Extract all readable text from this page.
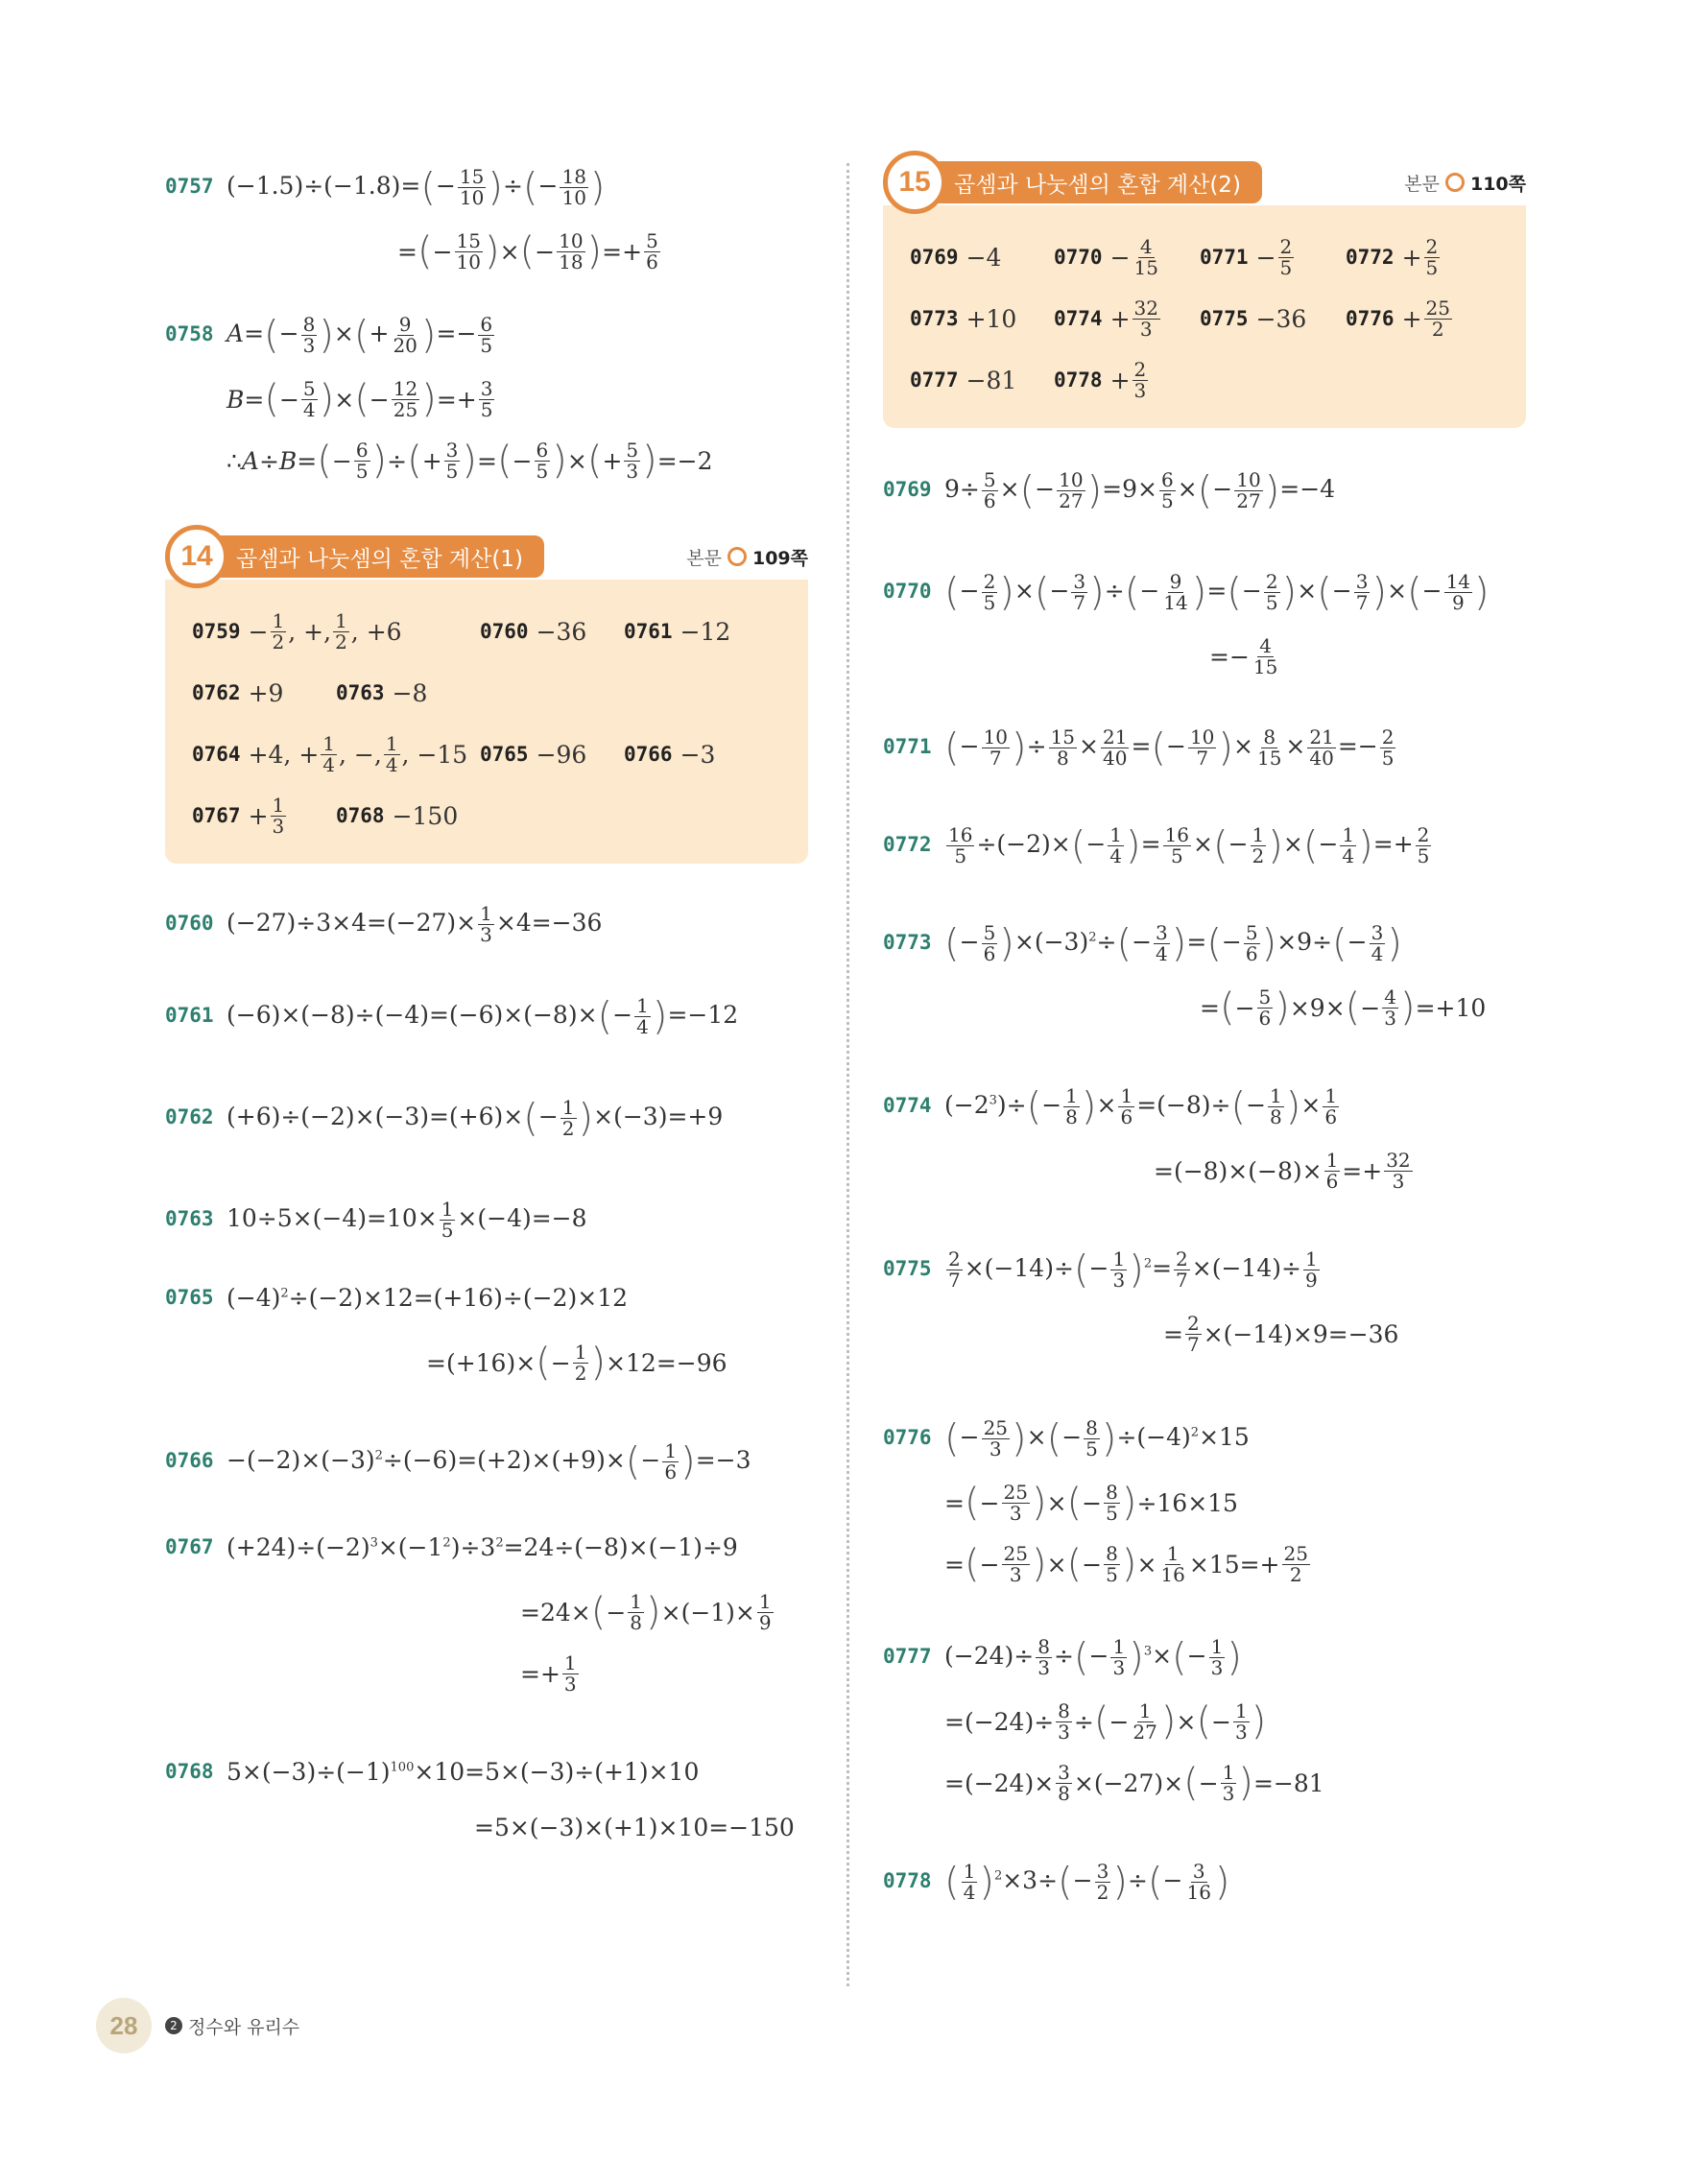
0757 $(-1.5)\div(-1.8)=(- \frac{15}{10}$ )÷(− $\frac{18}{10}$ )
= ( − $\frac{15}{10}$ ) × ( − $\frac{10}{18}$ ) =+ $\frac{5}{6}$
0758 $A=(- \frac{8}{3}$ )×(+ $\frac{9}{20}$ )=− $\frac{6}{5}$
B = ( − $\frac{5}{4}$ ) × ( − $\frac{12}{25}$ ) =+ $\frac{3}{5}$
∴ A ÷ B = ( − $\frac{6}{5}$ ) ÷ ( + $\frac{3}{5}$ ) = ( − $\frac{6}{5}$ ) × ( + $\frac{5}{3}$ ) =−2
14	곱셈과 나눗셈의 혼합 계산(1)	본문 109쪽
$0759 - \frac{1}{2}$ , +, $\frac{1}{2}$ , +6	0760 −36 0761 −12
0762 +9	0763 −8
0764 +4, + $\frac{1}{4}$ , −, $\frac{1}{4}$ , −15 0765 −96 0766 −3
$0767 + \frac{1}{3} 0768 -150$
0760 $(-27)\div 3\times 4=(-27)\times \frac{1}{3} \times 4=-36$
0761 $(-6)\times(-8)\div(-4)=(-6)\times(-8)\times(- \frac{1}{4} )=-12$
0762 $(+6)\div(-2)\times(-3)=(+6)\times(- \frac{1}{2} )\times(-3)=+9$
0763 $10\div 5\times(-4)=10\times \frac{1}{5} \times(-4)=-8$
0765 $(-4)^2\div(-2)\times 12=(+16)\div(-2)\times 12$
=(+16)× ( − $\frac{1}{2}$ ) ×12=−96
$0766 -(-2)\times(-3)^2\div(-6)=(+2)\times(+9)\times(- \frac{1}{6} )=-3$
0767 $(+24)\div(-2)^3\times(-1^2)\div 3^2=24\div(-8)\times(-1)\div 9$
=24× ( − $\frac{1}{8}$ ) $\times(-1)\times \frac{1}{9}$
=+ $\frac{1}{3}$
0768 $5\times(-3)\div(-1)^{100}\times 10=5\times(-3)\div(+1)\times 10$
=5×(−3)×(+1)×10=−150
15	곱셈과 나눗셈의 혼합 계산(2)	본문 110쪽
0769 −4	$0770 - \frac{4}{15} 0771 - \frac{2}{5}$	$0772 + \frac{2}{5}$
0773 +10 $0774 + \frac{32}{3} 0775 -36$ $0776 + \frac{25}{2}$
0777 −81 $0778 + \frac{2}{3}$
0769 $9\div \frac{5}{6}$ ×(− $\frac{10}{27} )=9\times \frac{6}{5}$ ×(− $\frac{10}{27} )=-4$
0770 (− $\frac{2}{5}$ )×(− $\frac{3}{7}$ )÷(− $\frac{9}{14}$ )=(− $\frac{2}{5}$ )×(− $\frac{3}{7}$ )×(− $\frac{14}{9}$ )
=− $\frac{4}{15}$
0771 (− $\frac{10}{7}$ )÷ $\frac{15}{8} \times \frac{21}{40}$ =(− $\frac{10}{7}$ )× $\frac{8}{15} \times \frac{21}{40} =- \frac{2}{5}$
$0772 \frac{16}{5} \div(-2)\times(- \frac{1}{4}$ )= $\frac{16}{5}$ ×(− $\frac{1}{2}$ )×(− $\frac{1}{4}$ )=+ $\frac{2}{5}$
0773 (− $\frac{5}{6} )\times(-3)^2\div(- \frac{3}{4}$ )=(− $\frac{5}{6} )\times 9\div(- \frac{3}{4}$ )
= ( − $\frac{5}{6}$ ) ×9× ( − $\frac{4}{3}$ ) =+10
0774 $(-2^3)\div(- \frac{1}{8}$ )× $\frac{1}{6} =(-8)\div(- \frac{1}{8}$ )× $\frac{1}{6}$
$=(-8)\times(-8)\times \frac{1}{6} =+ \frac{32}{3}$
$0775 \frac{2}{7} \times(-14)\div(- \frac{1}{3} )^2= \frac{2}{7} \times(-14)\div \frac{1}{9}$
= $\frac{2}{7} \times(-14)\times 9=-36$
0776 (− $\frac{25}{3}$ )×(− $\frac{8}{5} )\div(-4)^2\times 15$
= ( − $\frac{25}{3}$ ) × ( − $\frac{8}{5}$ ) ÷16×15
= ( − $\frac{25}{3}$ ) × ( − $\frac{8}{5}$ ) × $\frac{1}{16} \times 15=+ \frac{25}{2}$
0777 $(-24)\div \frac{8}{3}$ ÷(− $\frac{1}{3} )^3\times(- \frac{1}{3}$ )
$=(-24)\div \frac{8}{3}$ ÷ ( − $\frac{1}{27}$ ) × ( − $\frac{1}{3}$ )
$=(-24)\times \frac{3}{8} \times(-27)\times$ ( − $\frac{1}{3}$ ) =−81
0778 ( $\frac{1}{4} )^2\times 3\div(- \frac{3}{2}$ )÷(− $\frac{3}{16}$ )
28	2 정수와 유리수
